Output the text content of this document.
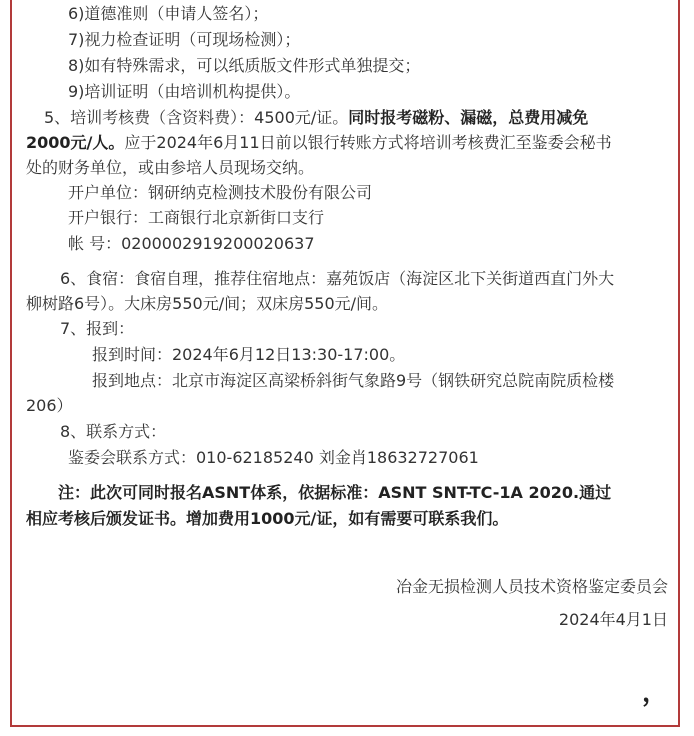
6)道德准则（申请人签名）；
7)视力检查证明（可现场检测）；
8)如有特殊需求，可以纸质版文件形式单独提交；
9)培训证明（由培训机构提供）。
5、培训考核费（含资料费）：4500元/证。同时报考磁粉、漏磁，总费用减免
2000元/人。应于2024年6月11日前以银行转账方式将培训考核费汇至鉴委会秘书
处的财务单位，或由参培人员现场交纳。
开户单位：钢研纳克检测技术股份有限公司
开户银行：工商银行北京新街口支行
帐 号：0200002919200020637
6、食宿：食宿自理，推荐住宿地点：嘉苑饭店（海淀区北下关街道西直门外大
柳树路6号）。大床房550元/间；双床房550元/间。
7、报到：
报到时间：2024年6月12日13:30-17:00。
报到地点：北京市海淀区高梁桥斜街气象路9号（钢铁研究总院南院质检楼
206）
8、联系方式：
鉴委会联系方式：010-62185240 刘金肖18632727061
注：此次可同时报名ASNT体系，依据标准：ASNT SNT-TC-1A 2020.通过
相应考核后颁发证书。增加费用1000元/证，如有需要可联系我们。
冶金无损检测人员技术资格鉴定委员会
2024年4月1日
，
